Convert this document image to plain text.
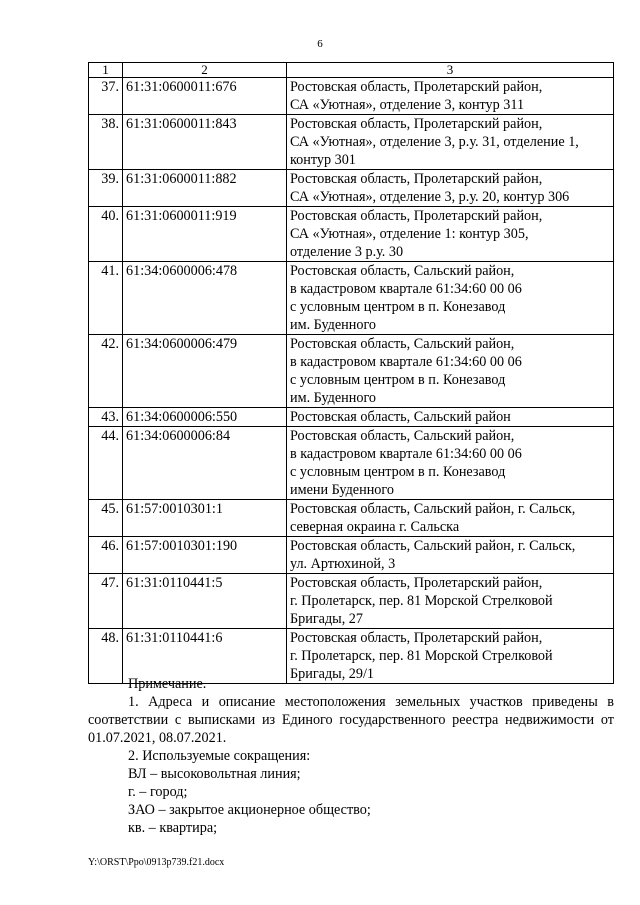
6
1	2	3
37.	61:31:0600011:676	Ростовская область, Пролетарский район,
СА «Уютная», отделение 3, контур 311
38.	61:31:0600011:843	Ростовская область, Пролетарский район,
СА «Уютная», отделение 3, р.у. 31, отделение 1,
контур 301
39.	61:31:0600011:882	Ростовская область, Пролетарский район,
СА «Уютная», отделение 3, р.у. 20, контур 306
40.	61:31:0600011:919	Ростовская область, Пролетарский район,
СА «Уютная», отделение 1: контур 305,
отделение 3 р.у. 30
41.	61:34:0600006:478	Ростовская область, Сальский район,
в кадастровом квартале 61:34:60 00 06
с условным центром в п. Конезавод
им. Буденного
42.	61:34:0600006:479	Ростовская область, Сальский район,
в кадастровом квартале 61:34:60 00 06
с условным центром в п. Конезавод
им. Буденного
43.	61:34:0600006:550	Ростовская область, Сальский район
44.	61:34:0600006:84	Ростовская область, Сальский район,
в кадастровом квартале 61:34:60 00 06
с условным центром в п. Конезавод
имени Буденного
45.	61:57:0010301:1	Ростовская область, Сальский район, г. Сальск,
северная окраина г. Сальска
46.	61:57:0010301:190	Ростовская область, Сальский район, г. Сальск,
ул. Артюхиной, 3
47.	61:31:0110441:5	Ростовская область, Пролетарский район,
г. Пролетарск, пер. 81 Морской Стрелковой
Бригады, 27
48.	61:31:0110441:6	Ростовская область, Пролетарский район,
г. Пролетарск, пер. 81 Морской Стрелковой
Бригады, 29/1

Примечание.

1. Адреса и описание местоположения земельных участков приведены в соответствии с выписками из Единого государственного реестра недвижимости от 01.07.2021, 08.07.2021.

2. Используемые сокращения:

ВЛ – высоковольтная линия;

г. – город;

ЗАО – закрытое акционерное общество;

кв. – квартира;

Y:\ORST\Ppo\0913p739.f21.docx
